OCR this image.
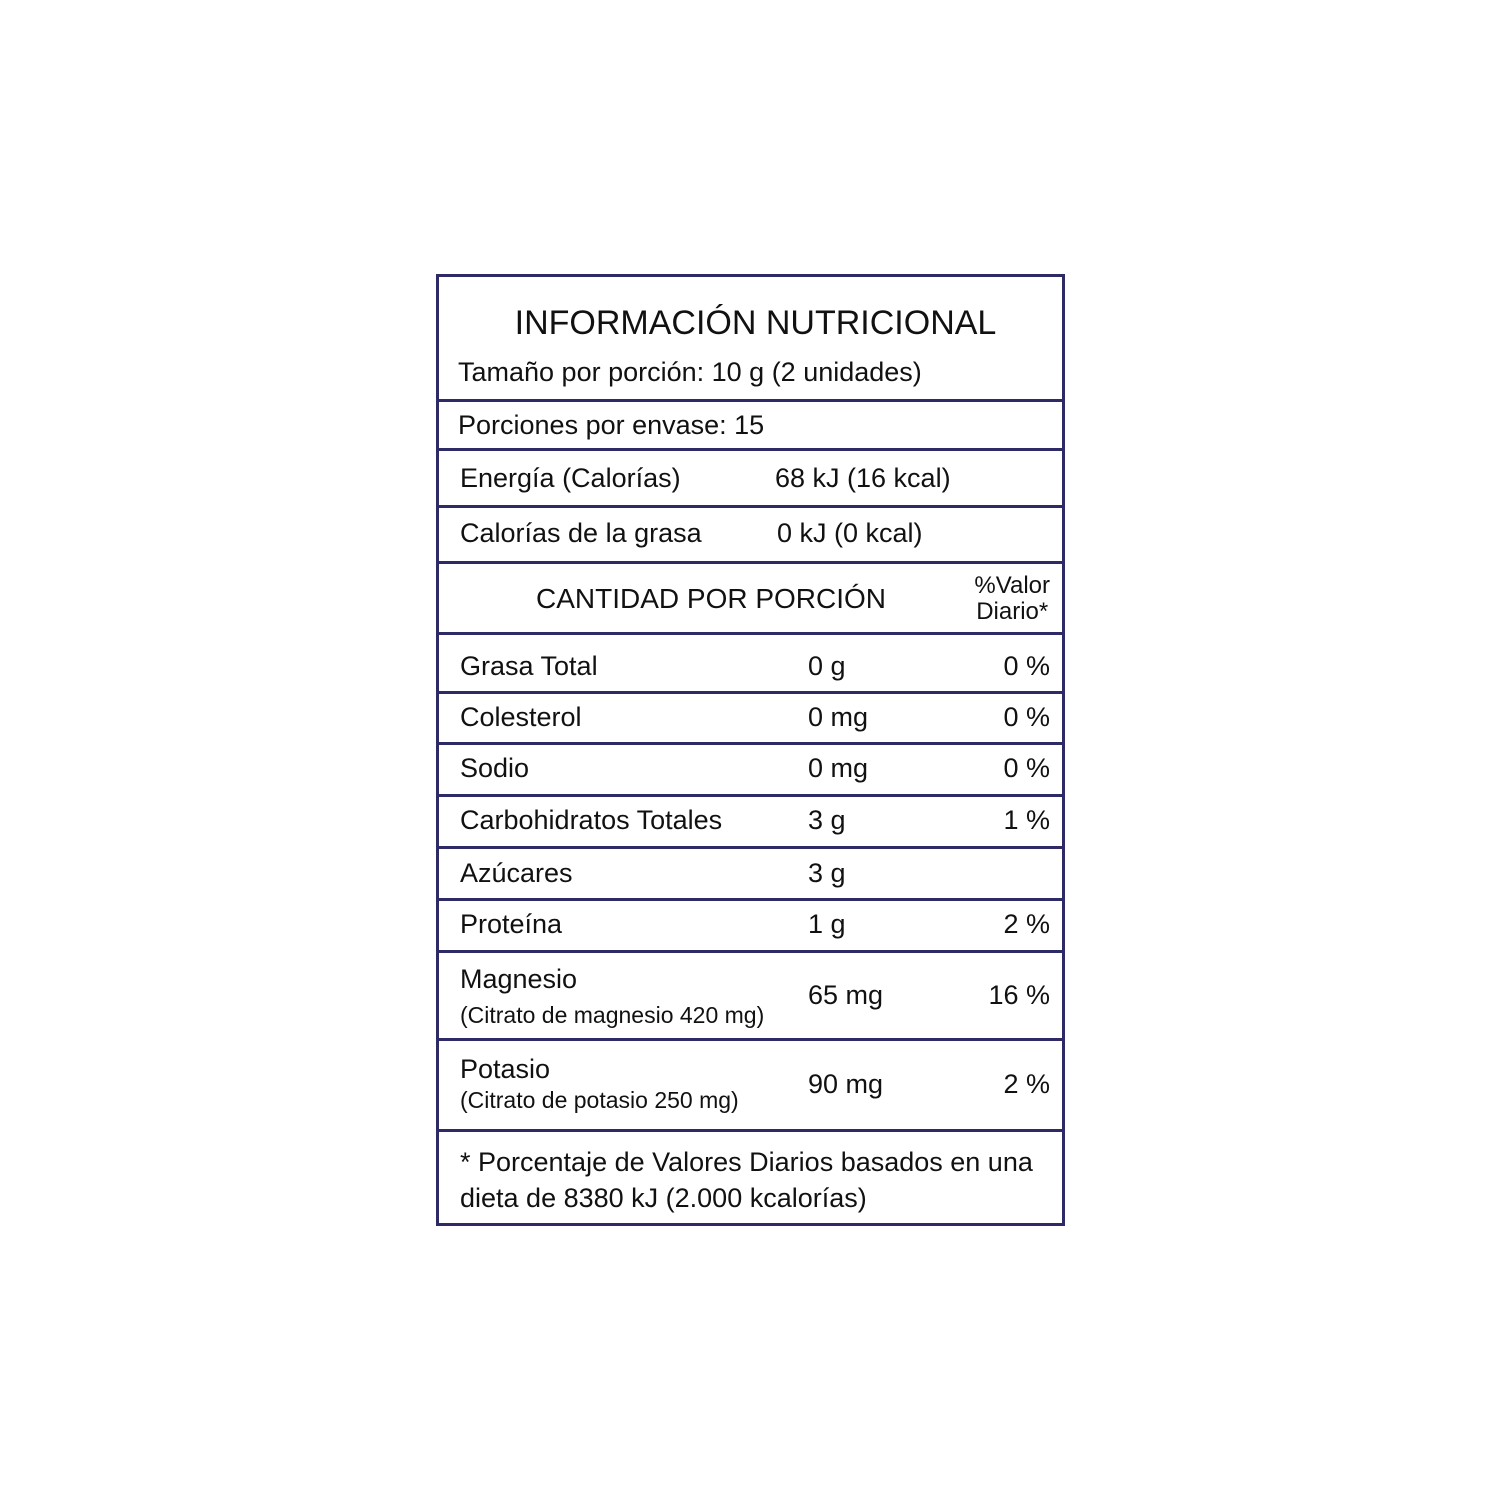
INFORMACIÓN NUTRICIONAL
Tamaño por porción: 10 g (2 unidades)
Porciones por envase: 15
Energía (Calorías)	68 kJ (16 kcal)
Calorías de la grasa	0 kJ (0 kcal)
CANTIDAD POR PORCIÓN	%Valor
Diario*
Grasa Total	0 g	0 %
Colesterol	0 mg	0 %
Sodio	0 mg	0 %
Carbohidratos Totales	3 g	1 %
Azúcares	3 g
Proteína	1 g	2 %
Magnesio
(Citrato de magnesio 420 mg)
65 mg	16 %
Potasio
(Citrato de potasio 250 mg)
90 mg	2 %
* Porcentaje de Valores Diarios basados en una
dieta de 8380 kJ (2.000 kcalorías)
